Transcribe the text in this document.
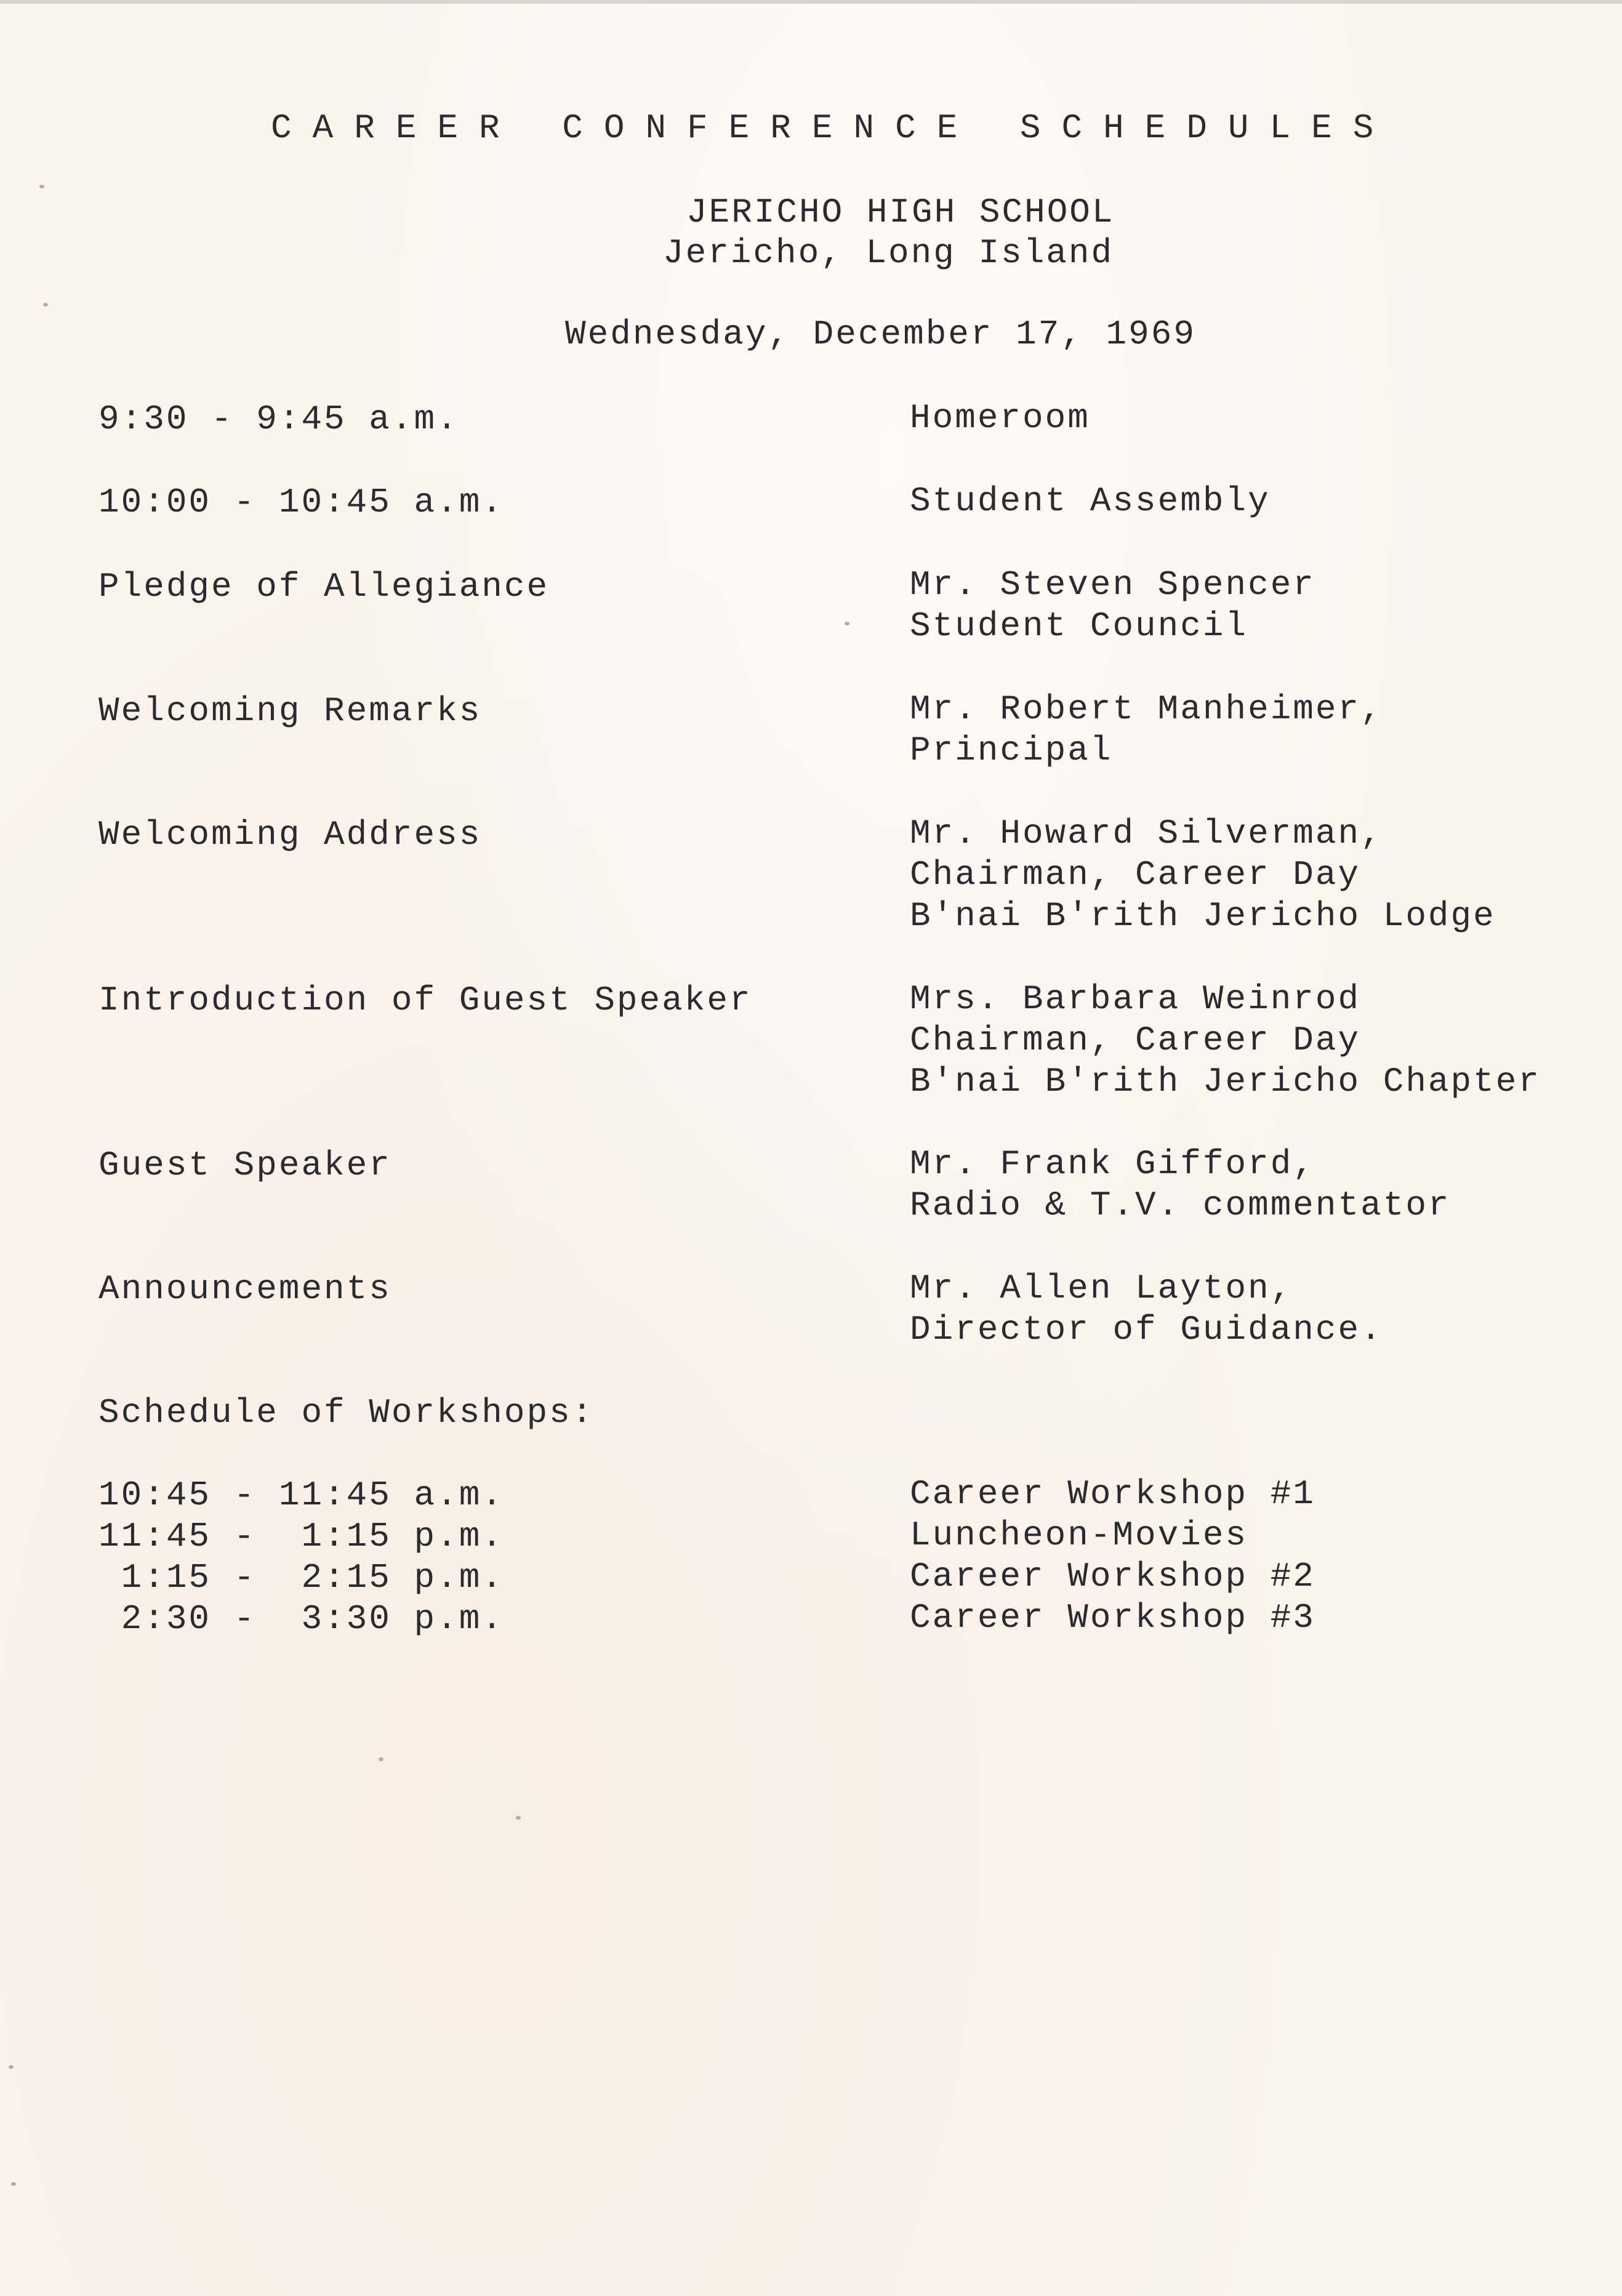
CAREER CONFERENCE SCHEDULES
JERICHO HIGH SCHOOL
Jericho, Long Island
Wednesday, December 17, 1969
9:30 - 9:45 a.m.
10:00 - 10:45 a.m.
Pledge of Allegiance
Welcoming Remarks
Welcoming Address
Introduction of Guest Speaker
Guest Speaker
Announcements
Homeroom
Student Assembly
Mr. Steven Spencer
Student Council
Mr. Robert Manheimer,
Principal
Mr. Howard Silverman,
Chairman, Career Day
B'nai B'rith Jericho Lodge
Mrs. Barbara Weinrod
Chairman, Career Day
B'nai B'rith Jericho Chapter
Mr. Frank Gifford,
Radio & T.V. commentator
Mr. Allen Layton,
Director of Guidance.
Schedule of Workshops:
10:45 - 11:45 a.m.
11:45 -  1:15 p.m.
1:15 -  2:15 p.m.
2:30 -  3:30 p.m.
Career Workshop #1
Luncheon-Movies
Career Workshop #2
Career Workshop #3
